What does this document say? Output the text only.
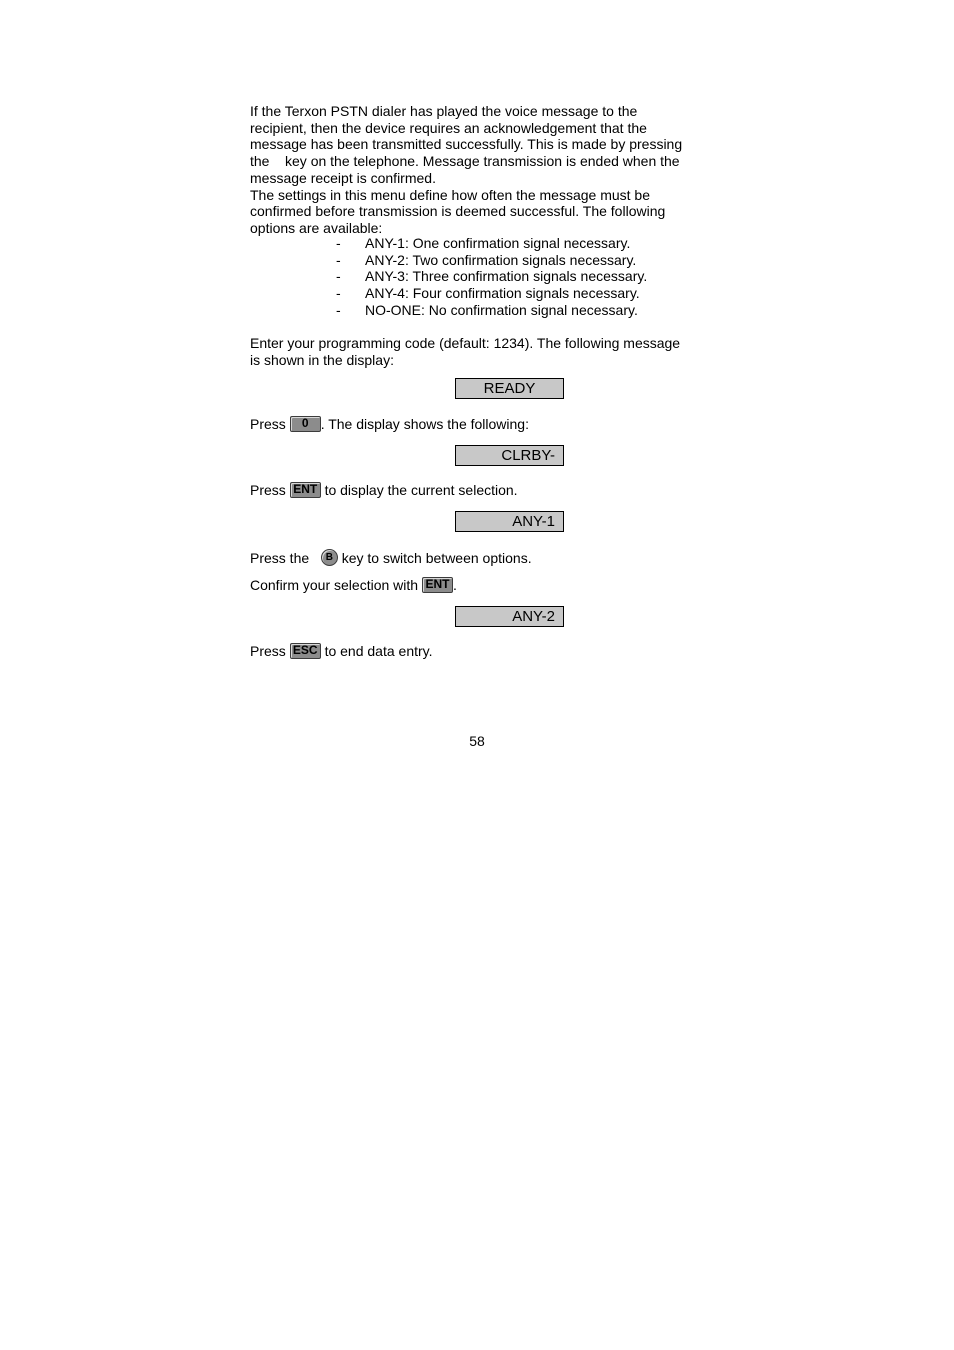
If the Terxon PSTN dialer has played the voice message to the
recipient, then the device requires an acknowledgement that the
message has been transmitted successfully. This is made by pressing
the    key on the telephone. Message transmission is ended when the
message receipt is confirmed.
The settings in this menu define how often the message must be
confirmed before transmission is deemed successful. The following
options are available:
- ANY-1: One confirmation signal necessary.
- ANY-2: Two confirmation signals necessary.
- ANY-3: Three confirmation signals necessary.
- ANY-4: Four confirmation signals necessary.
- NO-ONE: No confirmation signal necessary.
Enter your programming code (default: 1234). The following message
is shown in the display:
READY
Press 0 . The display shows the following:
CLRBY-
Press ENT to display the current selection.
ANY-1
Press the   B key to switch between options.
Confirm your selection with ENT .
ANY-2
Press ESC to end data entry.
58
